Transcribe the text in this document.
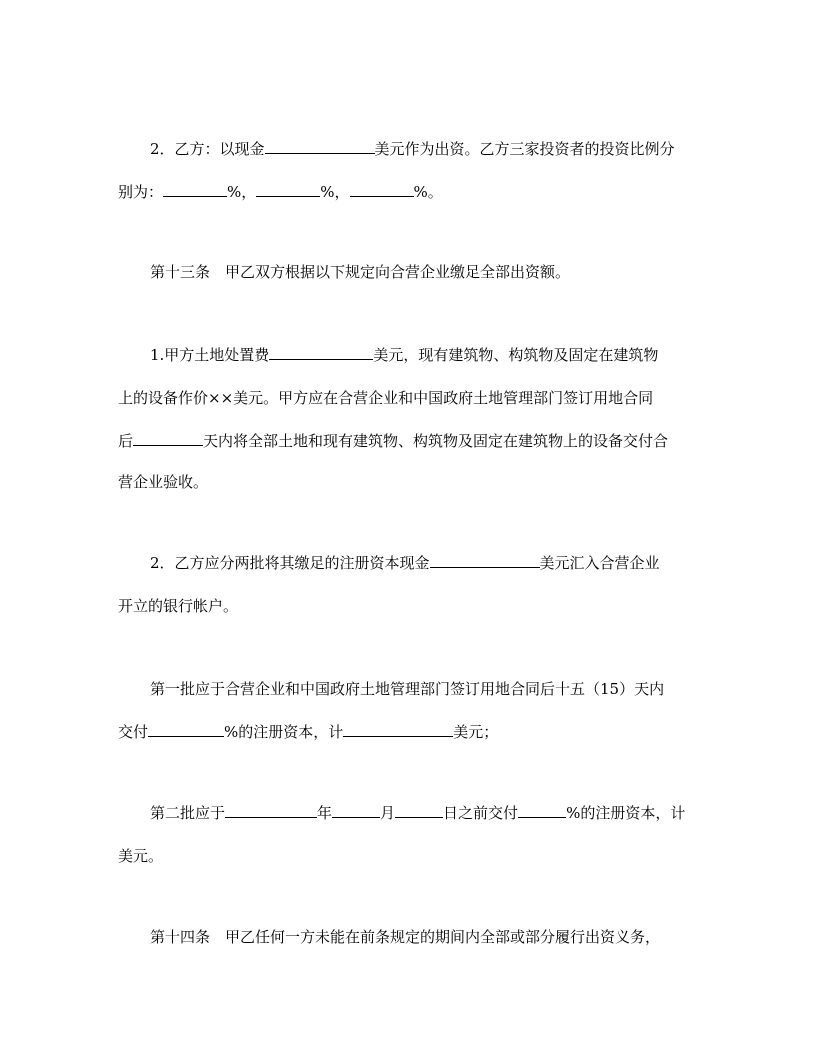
2．乙方：以现金	美元作为出资。乙方三家投资者的投资比例分
别为：	%，	%，	%。
第十三条　甲乙双方根据以下规定向合营企业缴足全部出资额。
1.甲方土地处置费	美元，现有建筑物、构筑物及固定在建筑物
上的设备作价××美元。甲方应在合营企业和中国政府土地管理部门签订用地合同
后	天内将全部土地和现有建筑物、构筑物及固定在建筑物上的设备交付合
营企业验收。
2．乙方应分两批将其缴足的注册资本现金	美元汇入合营企业
开立的银行帐户。
第一批应于合营企业和中国政府土地管理部门签订用地合同后十五（15）天内
交付	%的注册资本，计	美元；
第二批应于	年	月	日之前交付	%的注册资本，计
美元。
第十四条　甲乙任何一方未能在前条规定的期间内全部或部分履行出资义务，
